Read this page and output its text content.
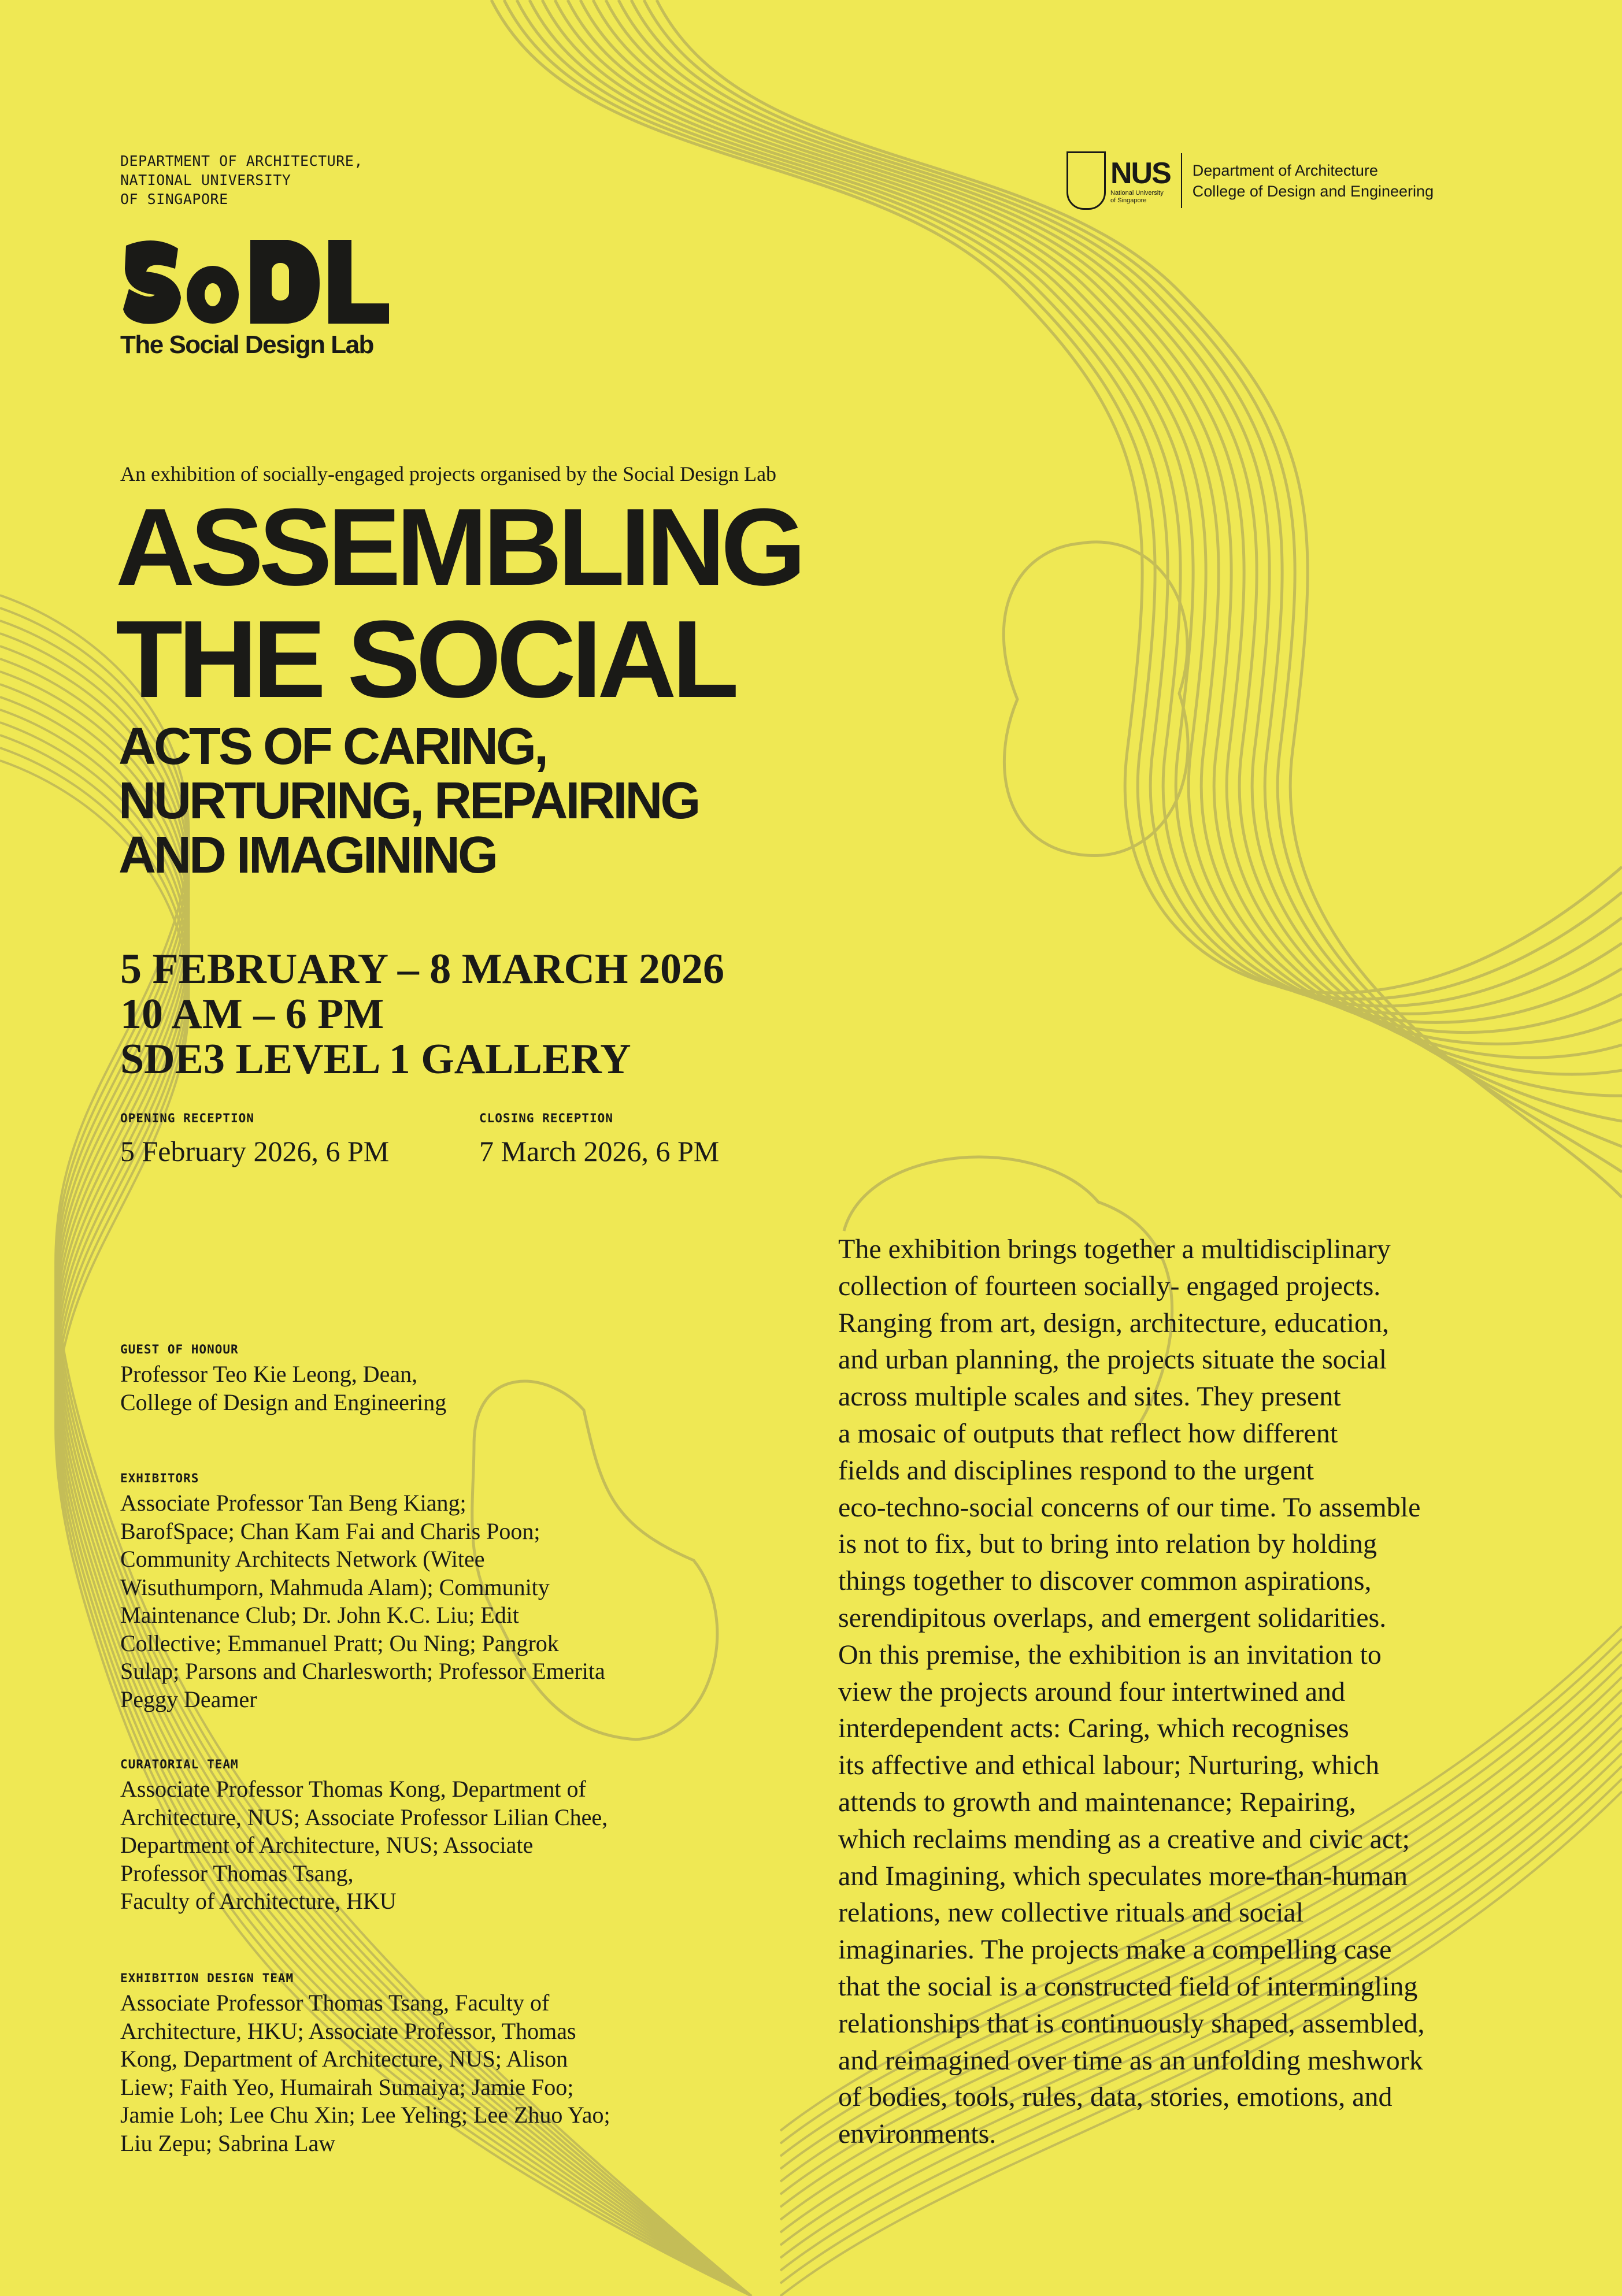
DEPARTMENT OF ARCHITECTURE,
NATIONAL UNIVERSITY
OF SINGAPORE
The Social Design Lab
NUS
National University
of Singapore
Department of Architecture
College of Design and Engineering
An exhibition of socially-engaged projects organised by the Social Design Lab
ASSEMBLING
THE SOCIAL
ACTS OF CARING,
NURTURING, REPAIRING
AND IMAGINING
5 FEBRUARY – 8 MARCH 2026
10 AM – 6 PM
SDE3 LEVEL 1 GALLERY
OPENING RECEPTION
5 February 2026, 6 PM
CLOSING RECEPTION
7 March 2026, 6 PM
GUEST OF HONOUR
Professor Teo Kie Leong, Dean,
College of Design and Engineering
EXHIBITORS
Associate Professor Tan Beng Kiang;
BarofSpace; Chan Kam Fai and Charis Poon;
Community Architects Network (Witee
Wisuthumporn, Mahmuda Alam); Community
Maintenance Club; Dr. John K.C. Liu; Edit
Collective; Emmanuel Pratt; Ou Ning; Pangrok
Sulap; Parsons and Charlesworth; Professor Emerita
Peggy Deamer
CURATORIAL TEAM
Associate Professor Thomas Kong, Department of
Architecture, NUS; Associate Professor Lilian Chee,
Department of Architecture, NUS; Associate
Professor Thomas Tsang,
Faculty of Architecture, HKU
EXHIBITION DESIGN TEAM
Associate Professor Thomas Tsang, Faculty of
Architecture, HKU; Associate Professor, Thomas
Kong, Department of Architecture, NUS; Alison
Liew; Faith Yeo, Humairah Sumaiya; Jamie Foo;
Jamie Loh; Lee Chu Xin; Lee Yeling; Lee Zhuo Yao;
Liu Zepu; Sabrina Law
The exhibition brings together a multidisciplinary
collection of fourteen socially- engaged projects.
Ranging from art, design, architecture, education,
and urban planning, the projects situate the social
across multiple scales and sites. They present
a mosaic of outputs that reflect how different
fields and disciplines respond to the urgent
eco-techno-social concerns of our time. To assemble
is not to fix, but to bring into relation by holding
things together to discover common aspirations,
serendipitous overlaps, and emergent solidarities.
On this premise, the exhibition is an invitation to
view the projects around four intertwined and
interdependent acts: Caring, which recognises
its affective and ethical labour; Nurturing, which
attends to growth and maintenance; Repairing,
which reclaims mending as a creative and civic act;
and Imagining, which speculates more-than-human
relations, new collective rituals and social
imaginaries. The projects make a compelling case
that the social is a constructed field of intermingling
relationships that is continuously shaped, assembled,
and reimagined over time as an unfolding meshwork
of bodies, tools, rules, data, stories, emotions, and
environments.
